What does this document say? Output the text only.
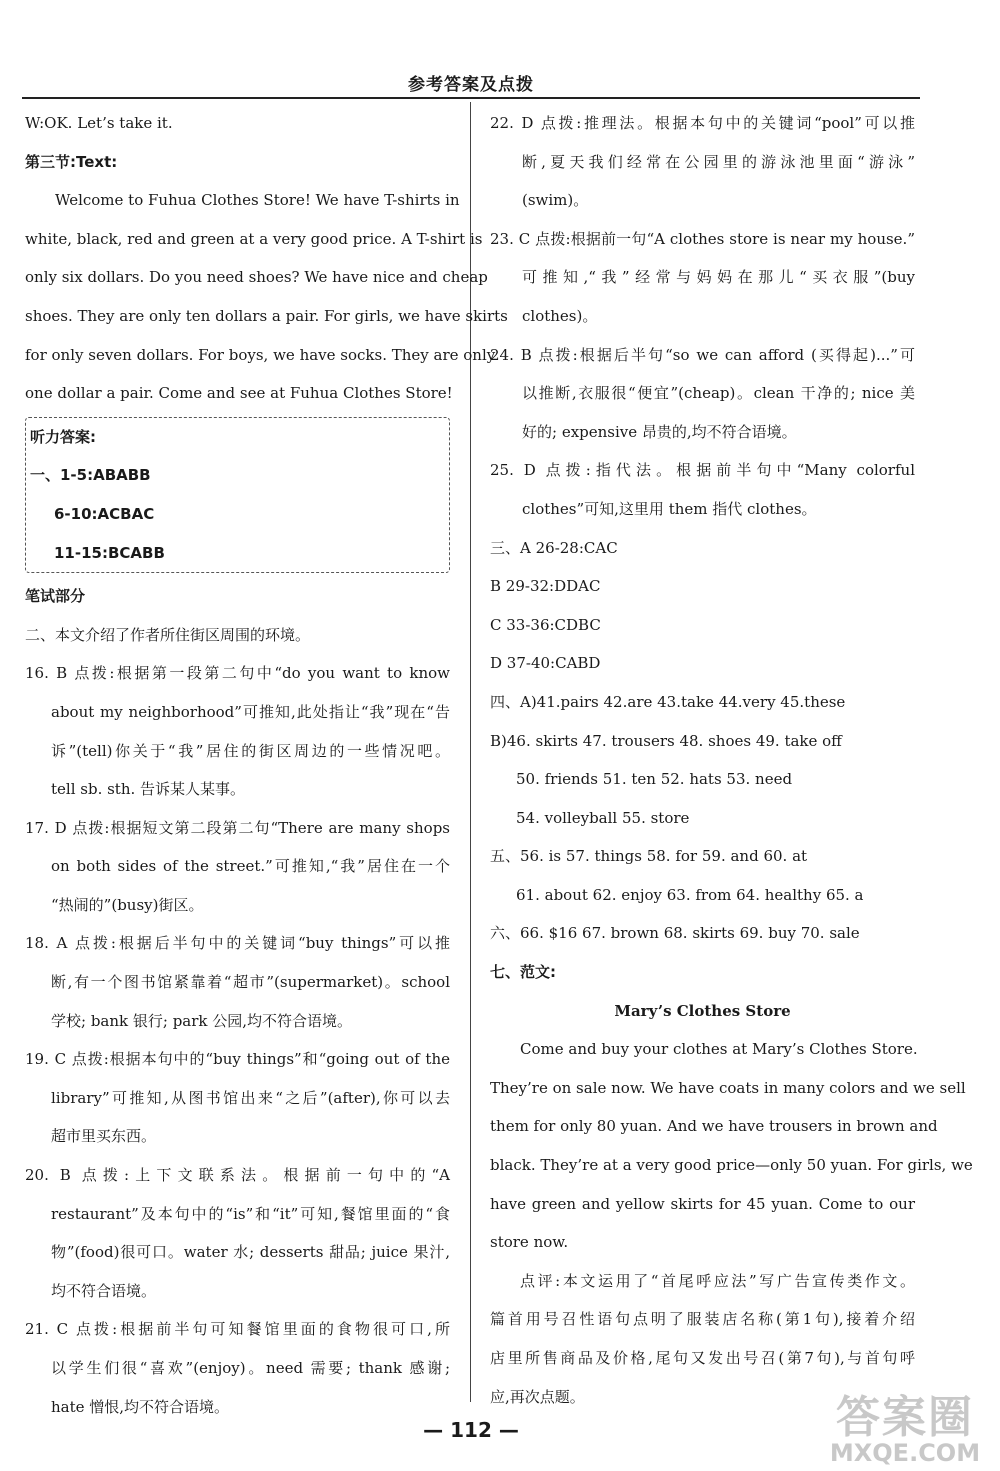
参考答案及点拨
W:OK. Let’s take it.
第三节:Text:
Welcome to Fuhua Clothes Store! We have T-shirts in
white, black, red and green at a very good price. A T-shirt is
only six dollars. Do you need shoes? We have nice and cheap
shoes. They are only ten dollars a pair. For girls, we have skirts
for only seven dollars. For boys, we have socks. They are only
one dollar a pair. Come and see at Fuhua Clothes Store!
听力答案:
一、1-5:ABABB
6-10:ACBAC
11-15:BCABB
笔试部分
二、本文介绍了作者所住街区周围的环境。
16. B 点拨:根据第一段第二句中“do you want to know
about my neighborhood”可推知,此处指让“我”现在“告
诉”(tell)你关于“我”居住的街区周边的一些情况吧。
tell sb. sth. 告诉某人某事。
17. D 点拨:根据短文第二段第二句“There are many shops
on both sides of the street.”可推知,“我”居住在一个
“热闹的”(busy)街区。
18. A 点拨:根据后半句中的关键词“buy things”可以推
断,有一个图书馆紧靠着“超市”(supermarket)。school
学校; bank 银行; park 公园,均不符合语境。
19. C 点拨:根据本句中的“buy things”和“going out of the
library”可推知,从图书馆出来“之后”(after),你可以去
超市里买东西。
20. B 点拨:上下文联系法。根据前一句中的“A
restaurant”及本句中的“is”和“it”可知,餐馆里面的“食
物”(food)很可口。water 水; desserts 甜品; juice 果汁,
均不符合语境。
21. C 点拨:根据前半句可知餐馆里面的食物很可口,所
以学生们很“喜欢”(enjoy)。need 需要; thank 感谢;
hate 憎恨,均不符合语境。
22. D 点拨:推理法。根据本句中的关键词“pool”可以推
断,夏天我们经常在公园里的游泳池里面“游泳”
(swim)。
23. C 点拨:根据前一句“A clothes store is near my house.”
可推知,“我”经常与妈妈在那儿“买衣服”(buy
clothes)。
24. B 点拨:根据后半句“so we can afford (买得起)...”可
以推断,衣服很“便宜”(cheap)。clean 干净的; nice 美
好的; expensive 昂贵的,均不符合语境。
25. D 点拨:指代法。根据前半句中“Many colorful
clothes”可知,这里用 them 指代 clothes。
三、A 26-28:CAC
B 29-32:DDAC
C 33-36:CDBC
D 37-40:CABD
四、A)41.pairs 42.are 43.take 44.very 45.these
B)46. skirts 47. trousers 48. shoes 49. take off
50. friends 51. ten 52. hats 53. need
54. volleyball 55. store
五、56. is 57. things 58. for 59. and 60. at
61. about 62. enjoy 63. from 64. healthy 65. a
六、66. $16 67. brown 68. skirts 69. buy 70. sale
七、范文:
Mary’s Clothes Store
Come and buy your clothes at Mary’s Clothes Store.
They’re on sale now. We have coats in many colors and we sell
them for only 80 yuan. And we have trousers in brown and
black. They’re at a very good price—only 50 yuan. For girls, we
have green and yellow skirts for 45 yuan. Come to our
store now.
点评:本文运用了“首尾呼应法”写广告宣传类作文。
篇首用号召性语句点明了服装店名称(第1句),接着介绍
店里所售商品及价格,尾句又发出号召(第7句),与首句呼
应,再次点题。
— 112 —	答案圈
MXQE.COM
